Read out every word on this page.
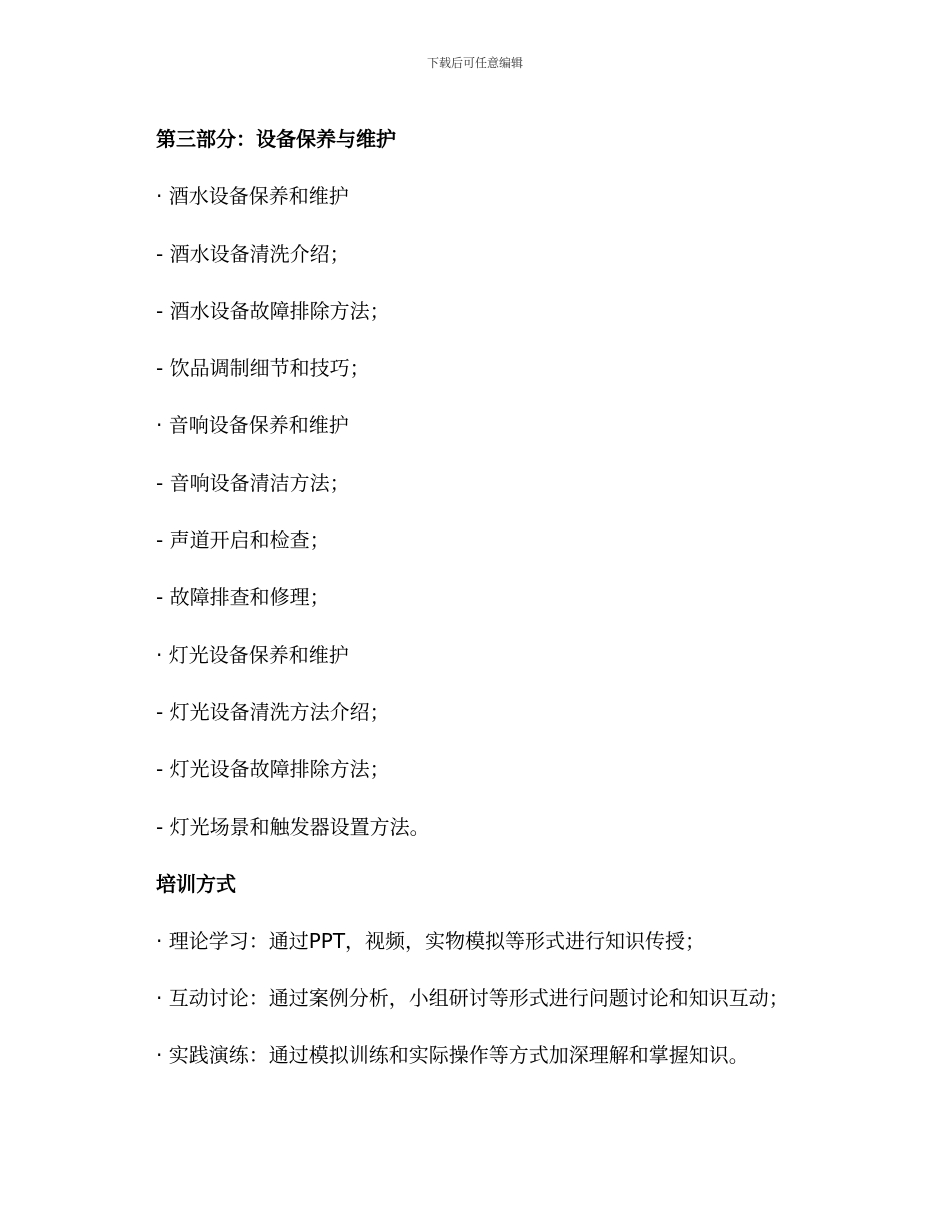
下载后可任意编辑
第三部分：设备保养与维护
· 酒水设备保养和维护
- 酒水设备清洗介绍；
- 酒水设备故障排除方法；
- 饮品调制细节和技巧；
· 音响设备保养和维护
- 音响设备清洁方法；
- 声道开启和检查；
- 故障排查和修理；
· 灯光设备保养和维护
- 灯光设备清洗方法介绍；
- 灯光设备故障排除方法；
- 灯光场景和触发器设置方法。
培训方式
· 理论学习：通过PPT，视频，实物模拟等形式进行知识传授；
· 互动讨论：通过案例分析，小组研讨等形式进行问题讨论和知识互动；
· 实践演练：通过模拟训练和实际操作等方式加深理解和掌握知识。
